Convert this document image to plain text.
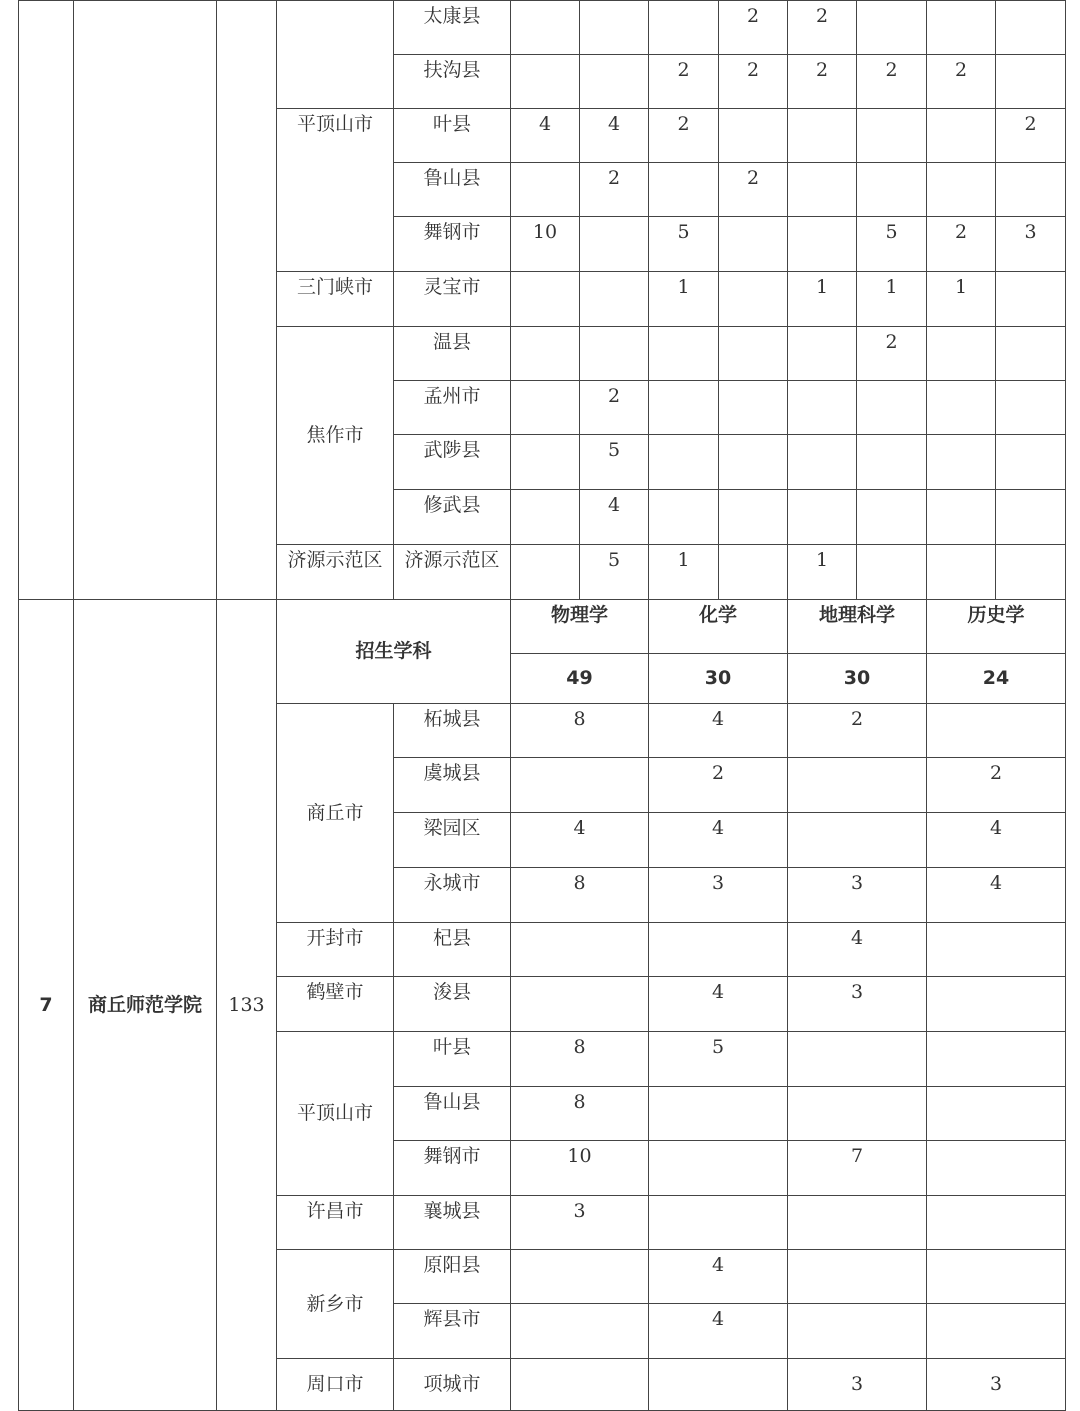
				太康县				2	2			
				扶沟县			2	2	2	2	2	
			平顶山市	叶县	4	4	2					2
				鲁山县		2		2				
				舞钢市	10		5			5	2	3
			三门峡市	灵宝市			1		1	1	1	
			焦作市	温县						2		
				孟州市		2						
				武陟县		5						
				修武县		4						
			济源示范区	济源示范区		5	1		1			
7	商丘师范学院	133	招生学科		物理学		化学		地理科学		历史学	
					49		30		30		24	
			商丘市	柘城县	8		4		2			
				虞城县			2				2	
				梁园区	4		4				4	
				永城市	8		3		3		4	
			开封市	杞县					4			
			鹤壁市	浚县			4		3			
			平顶山市	叶县	8		5					
				鲁山县	8							
				舞钢市	10				7			
			许昌市	襄城县	3							
			新乡市	原阳县			4					
				辉县市			4					
			周口市	项城市					3		3	
